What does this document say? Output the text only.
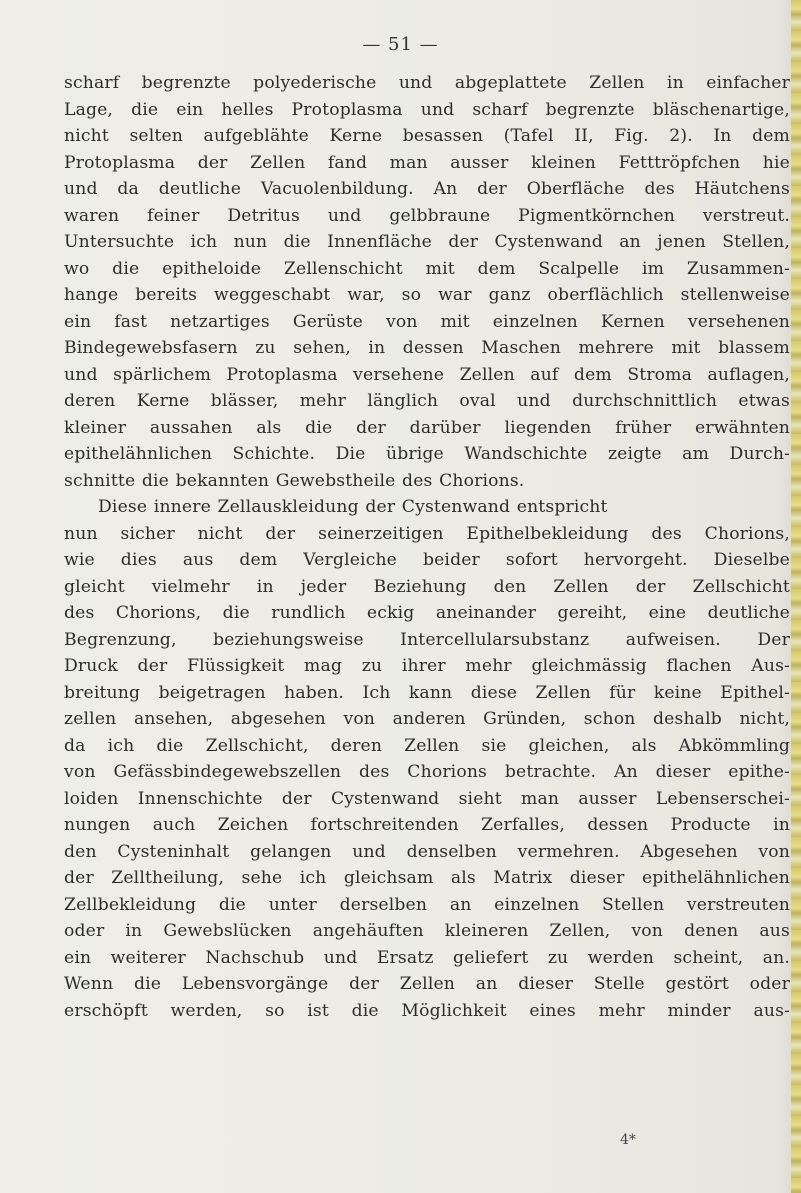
— 51 —
scharf begrenzte polyederische und abgeplattete Zellen in einfacher
Lage, die ein helles Protoplasma und scharf begrenzte bläschenartige,
nicht selten aufgeblähte Kerne besassen (Tafel II, Fig. 2). In dem
Protoplasma der Zellen fand man ausser kleinen Fetttröpfchen hie
und da deutliche Vacuolenbildung. An der Oberfläche des Häutchens
waren feiner Detritus und gelbbraune Pigmentkörnchen verstreut.
Untersuchte ich nun die Innenfläche der Cystenwand an jenen Stellen,
wo die epitheloide Zellenschicht mit dem Scalpelle im Zusammen-
hange bereits weggeschabt war, so war ganz oberflächlich stellenweise
ein fast netzartiges Gerüste von mit einzelnen Kernen versehenen
Bindegewebsfasern zu sehen, in dessen Maschen mehrere mit blassem
und spärlichem Protoplasma versehene Zellen auf dem Stroma auflagen,
deren Kerne blässer, mehr länglich oval und durchschnittlich etwas
kleiner aussahen als die der darüber liegenden früher erwähnten
epithelähnlichen Schichte. Die übrige Wandschichte zeigte am Durch-
schnitte die bekannten Gewebstheile des Chorions.
Diese innere Zellauskleidung der Cystenwand entspricht
nun sicher nicht der seinerzeitigen Epithelbekleidung des Chorions,
wie dies aus dem Vergleiche beider sofort hervorgeht. Dieselbe
gleicht vielmehr in jeder Beziehung den Zellen der Zellschicht
des Chorions, die rundlich eckig aneinander gereiht, eine deutliche
Begrenzung, beziehungsweise Intercellularsubstanz aufweisen. Der
Druck der Flüssigkeit mag zu ihrer mehr gleichmässig flachen Aus-
breitung beigetragen haben. Ich kann diese Zellen für keine Epithel-
zellen ansehen, abgesehen von anderen Gründen, schon deshalb nicht,
da ich die Zellschicht, deren Zellen sie gleichen, als Abkömmling
von Gefässbindegewebszellen des Chorions betrachte. An dieser epithe-
loiden Innenschichte der Cystenwand sieht man ausser Lebenserschei-
nungen auch Zeichen fortschreitenden Zerfalles, dessen Producte in
den Cysteninhalt gelangen und denselben vermehren. Abgesehen von
der Zelltheilung, sehe ich gleichsam als Matrix dieser epithelähnlichen
Zellbekleidung die unter derselben an einzelnen Stellen verstreuten
oder in Gewebslücken angehäuften kleineren Zellen, von denen aus
ein weiterer Nachschub und Ersatz geliefert zu werden scheint, an.
Wenn die Lebensvorgänge der Zellen an dieser Stelle gestört oder
erschöpft werden, so ist die Möglichkeit eines mehr minder aus-
4*
